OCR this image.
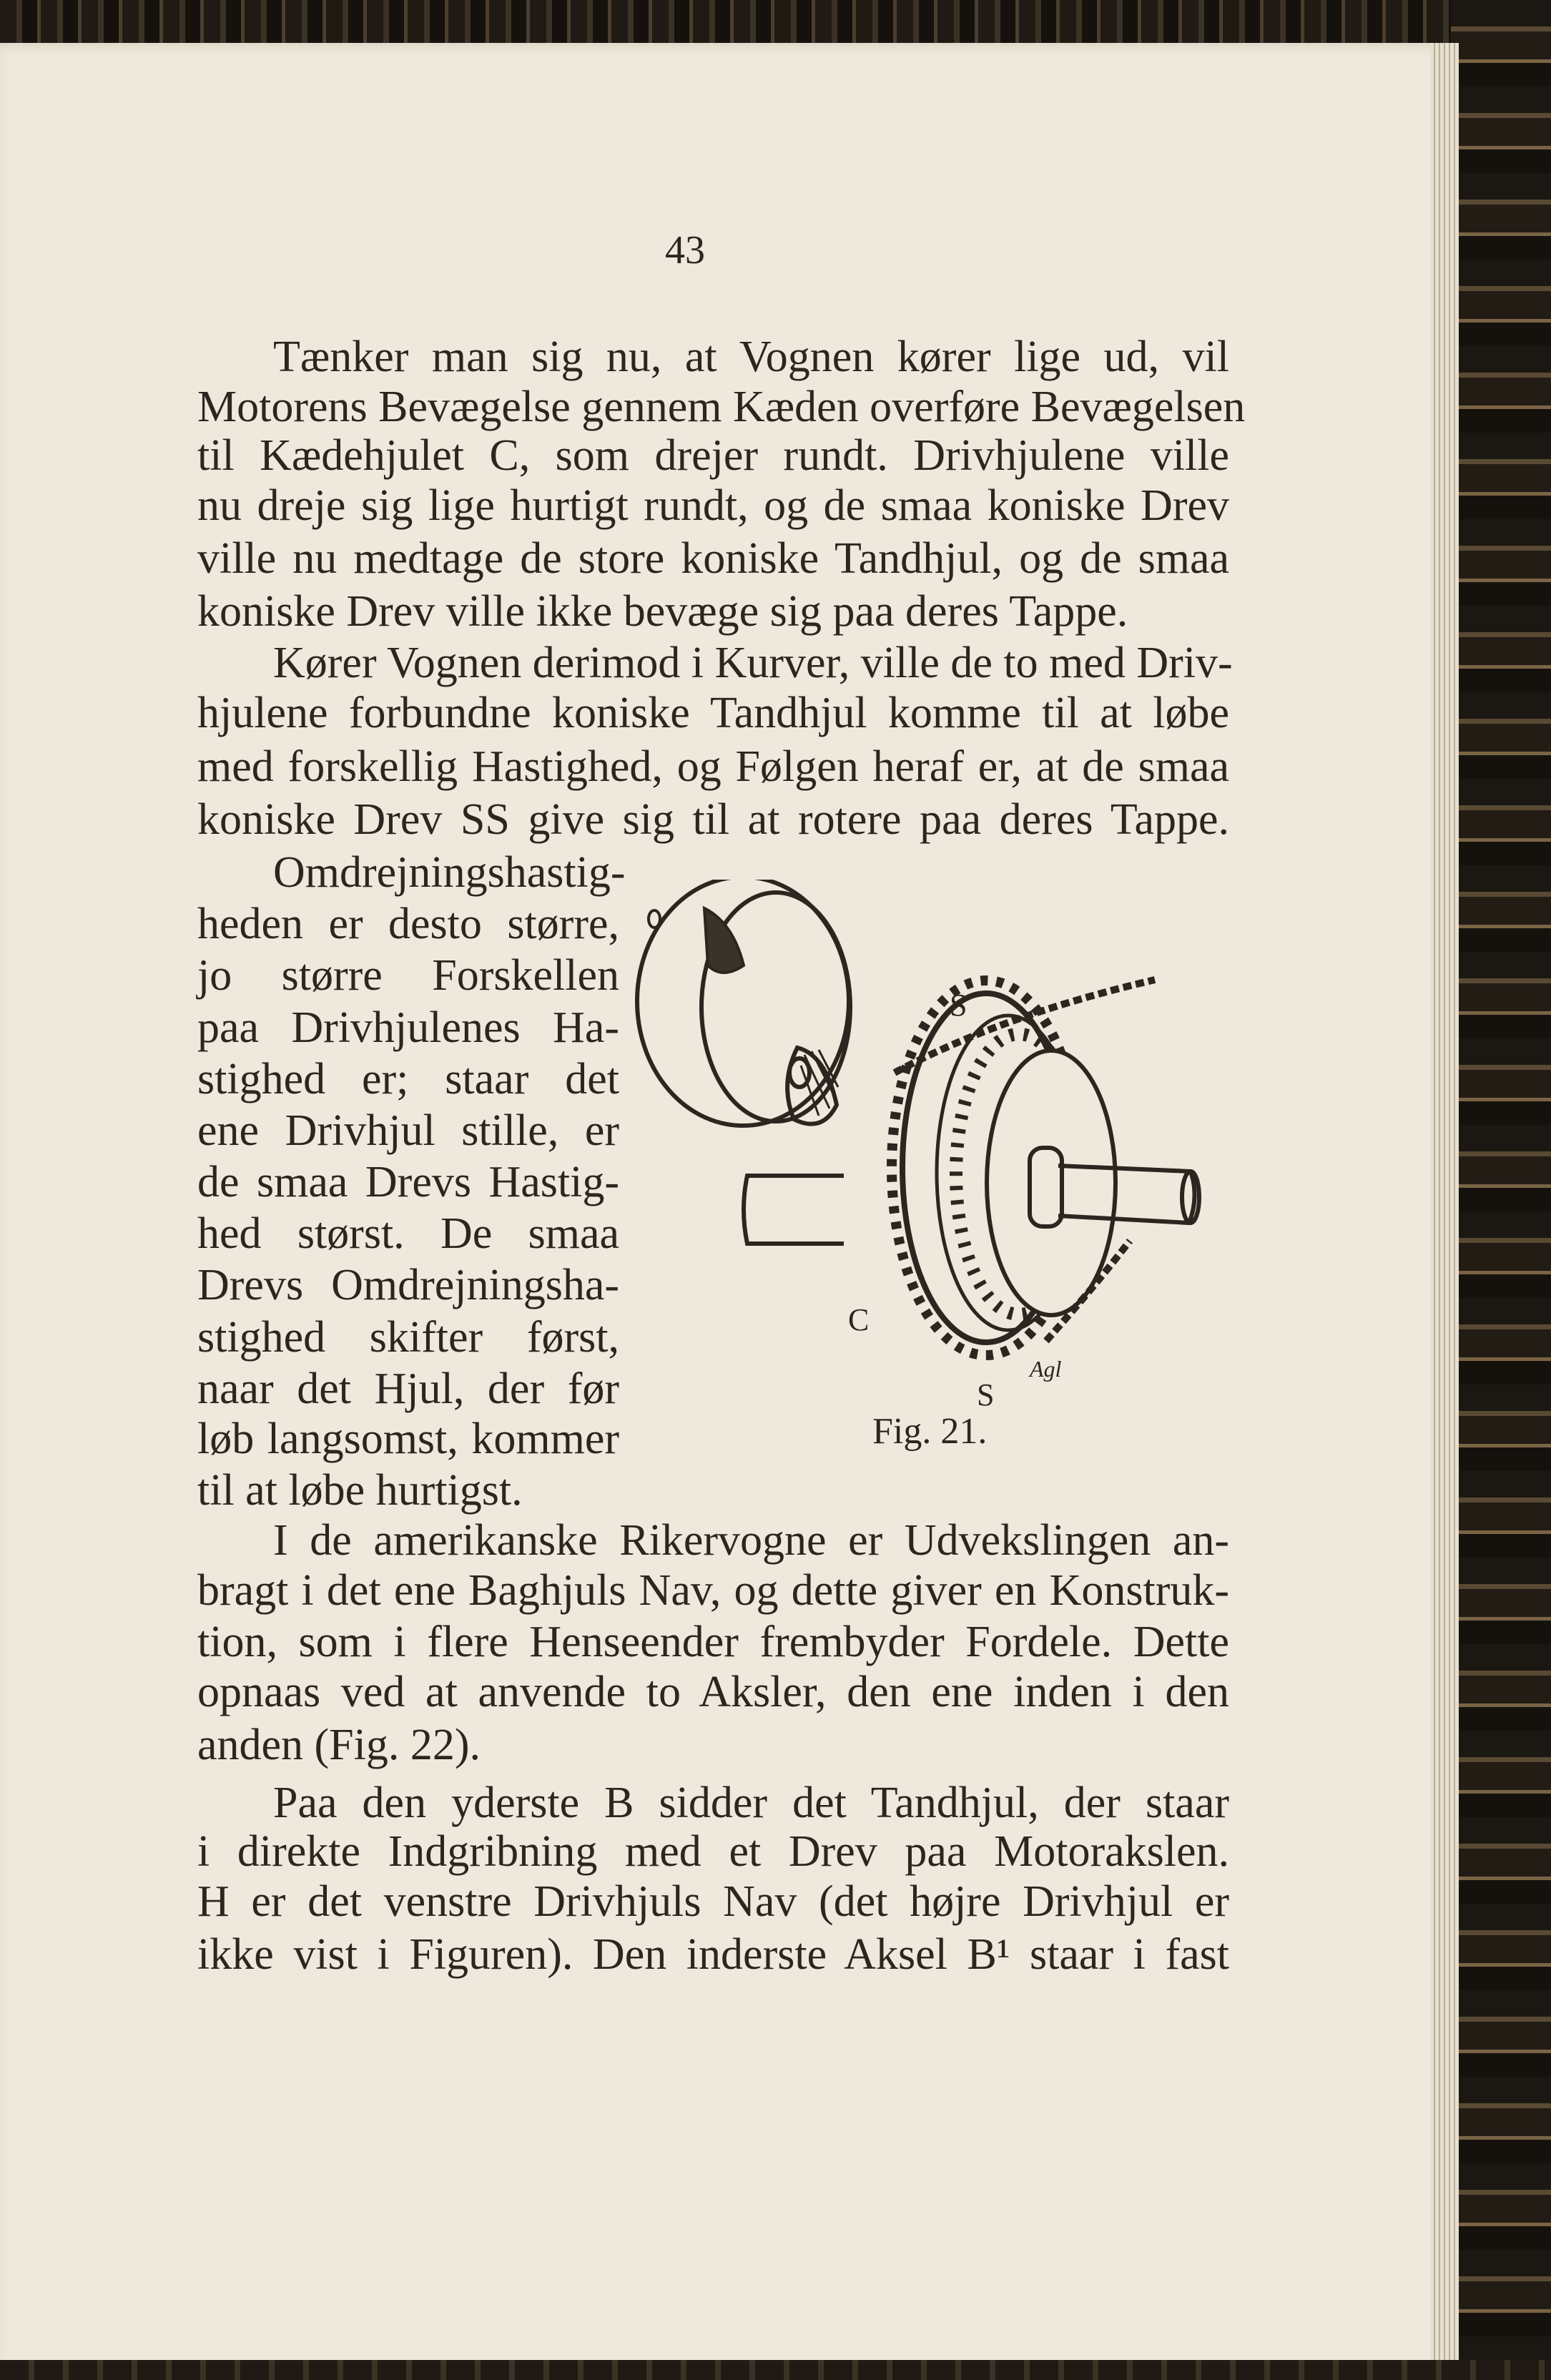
43
Tænker man sig nu, at Vognen kører lige ud, vil
Motorens Bevægelse gennem Kæden overføre Bevægelsen
til Kædehjulet C, som drejer rundt. Drivhjulene ville
nu dreje sig lige hurtigt rundt, og de smaa koniske Drev
ville nu medtage de store koniske Tandhjul, og de smaa
koniske Drev ville ikke bevæge sig paa deres Tappe.
Kører Vognen derimod i Kurver, ville de to med Driv-
hjulene forbundne koniske Tandhjul komme til at løbe
med forskellig Hastighed, og Følgen heraf er, at de smaa
koniske Drev SS give sig til at rotere paa deres Tappe.
Omdrejningshastig-
heden er desto større,
jo større Forskellen
paa Drivhjulenes Ha-
stighed er; staar det
ene Drivhjul stille, er
de smaa Drevs Hastig-
hed størst. De smaa
Drevs Omdrejningsha-
stighed skifter først,
naar det Hjul, der før
løb langsomst, kommer
til at løbe hurtigst.
S
C
S
Agl
Fig. 21.
I de amerikanske Rikervogne er Udvekslingen an-
bragt i det ene Baghjuls Nav, og dette giver en Konstruk-
tion, som i flere Henseender frembyder Fordele. Dette
opnaas ved at anvende to Aksler, den ene inden i den
anden (Fig. 22).
Paa den yderste B sidder det Tandhjul, der staar
i direkte Indgribning med et Drev paa Motorakslen.
H er det venstre Drivhjuls Nav (det højre Drivhjul er
ikke vist i Figuren). Den inderste Aksel B¹ staar i fast
